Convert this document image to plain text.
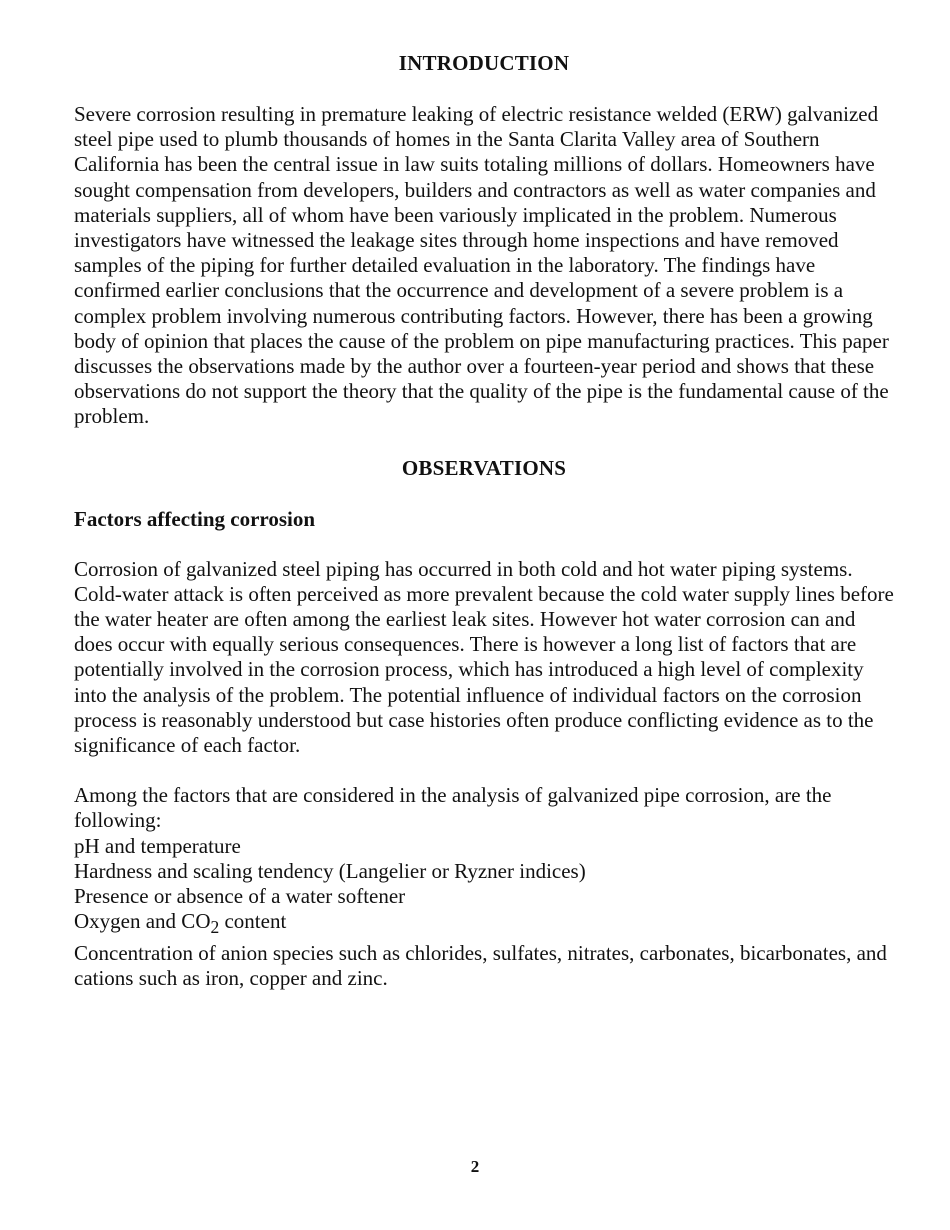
INTRODUCTION

Severe corrosion resulting in premature leaking of electric resistance welded (ERW) galvanized steel pipe used to plumb thousands of homes in the Santa Clarita Valley area of Southern California has been the central issue in law suits totaling millions of dollars. Homeowners have sought compensation from developers, builders and contractors as well as water companies and materials suppliers, all of whom have been variously implicated in the problem. Numerous investigators have witnessed the leakage sites through home inspections and have removed samples of the piping for further detailed evaluation in the laboratory. The findings have confirmed earlier conclusions that the occurrence and development of a severe problem is a complex problem involving numerous contributing factors. However, there has been a growing body of opinion that places the cause of the problem on pipe manufacturing practices. This paper discusses the observations made by the author over a fourteen-year period and shows that these observations do not support the theory that the quality of the pipe is the fundamental cause of the problem.

OBSERVATIONS
Factors affecting corrosion

Corrosion of galvanized steel piping has occurred in both cold and hot water piping systems. Cold-water attack is often perceived as more prevalent because the cold water supply lines before the water heater are often among the earliest leak sites. However hot water corrosion can and does occur with equally serious consequences. There is however a long list of factors that are potentially involved in the corrosion process, which has introduced a high level of complexity into the analysis of the problem. The potential influence of individual factors on the corrosion process is reasonably understood but case histories often produce conflicting evidence as to the significance of each factor.

Among the factors that are considered in the analysis of galvanized pipe corrosion, are the following:

pH and temperature

Hardness and scaling tendency (Langelier or Ryzner indices)

Presence or absence of a water softener

Oxygen and $CO_2$ content

Concentration of anion species such as chlorides, sulfates, nitrates, carbonates, bicarbonates, and cations such as iron, copper and zinc.

2
